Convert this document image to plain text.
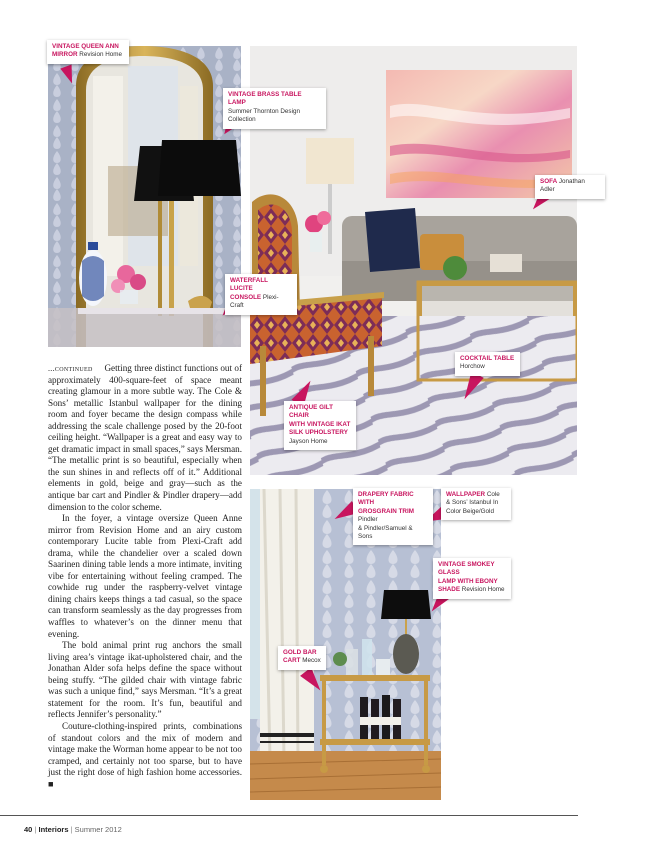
VINTAGE QUEEN ANN
MIRROR Revision Home
VINTAGE BRASS TABLE LAMP
Summer Thornton Design Collection
WATERFALL LUCITE
CONSOLE Plexi-Craft
SOFA Jonathan Adler
COCKTAIL TABLE
Horchow
ANTIQUE GILT CHAIR
WITH VINTAGE IKAT
SILK UPHOLSTERY
Jayson Home
DRAPERY FABRIC WITH
GROSGRAIN TRIM Pindler
& Pindler/Samuel & Sons
WALLPAPER Cole
& Sons’ Istanbul In
Color Beige/Gold
VINTAGE SMOKEY GLASS
LAMP WITH EBONY
SHADE Revision Home
GOLD BAR
CART Mecox

...continued Getting three distinct functions out of approximately 400-square-feet of space meant creating glamour in a more subtle way. The Cole & Sons’ metallic Istanbul wallpaper for the dining room and foyer became the design compass while addressing the scale challenge posed by the 20-foot ceiling height. “Wallpaper is a great and easy way to get dramatic impact in small spaces,” says Mersman. “The metallic print is so beautiful, especially when the sun shines in and reflects off of it.” Additional elements in gold, beige and gray—such as the antique bar cart and Pindler & Pindler drapery—add dimension to the color scheme.

In the foyer, a vintage oversize Queen Anne mirror from Revision Home and an airy custom contemporary Lucite table from Plexi-Craft add drama, while the chandelier over a scaled down Saarinen dining table lends a more intimate, inviting vibe for entertaining without feeling cramped. The cowhide rug under the raspberry-velvet vintage dining chairs keeps things a tad casual, so the space can transform seamlessly as the day progresses from waffles to whatever’s on the dinner menu that evening.

The bold animal print rug anchors the small living area’s vintage ikat-upholstered chair, and the Jonathan Alder sofa helps define the space without being stuffy. “The gilded chair with vintage fabric was such a unique find,” says Mersman. “It’s a great statement for the room. It’s fun, beautiful and reflects Jennifer’s personality.”

Couture-clothing-inspired prints, combinations of standout colors and the mix of modern and vintage make the Worman home appear to be not too cramped, and certainly not too sparse, but to have just the right dose of high fashion home accessories. ■

40 | Interiors | Summer 2012
